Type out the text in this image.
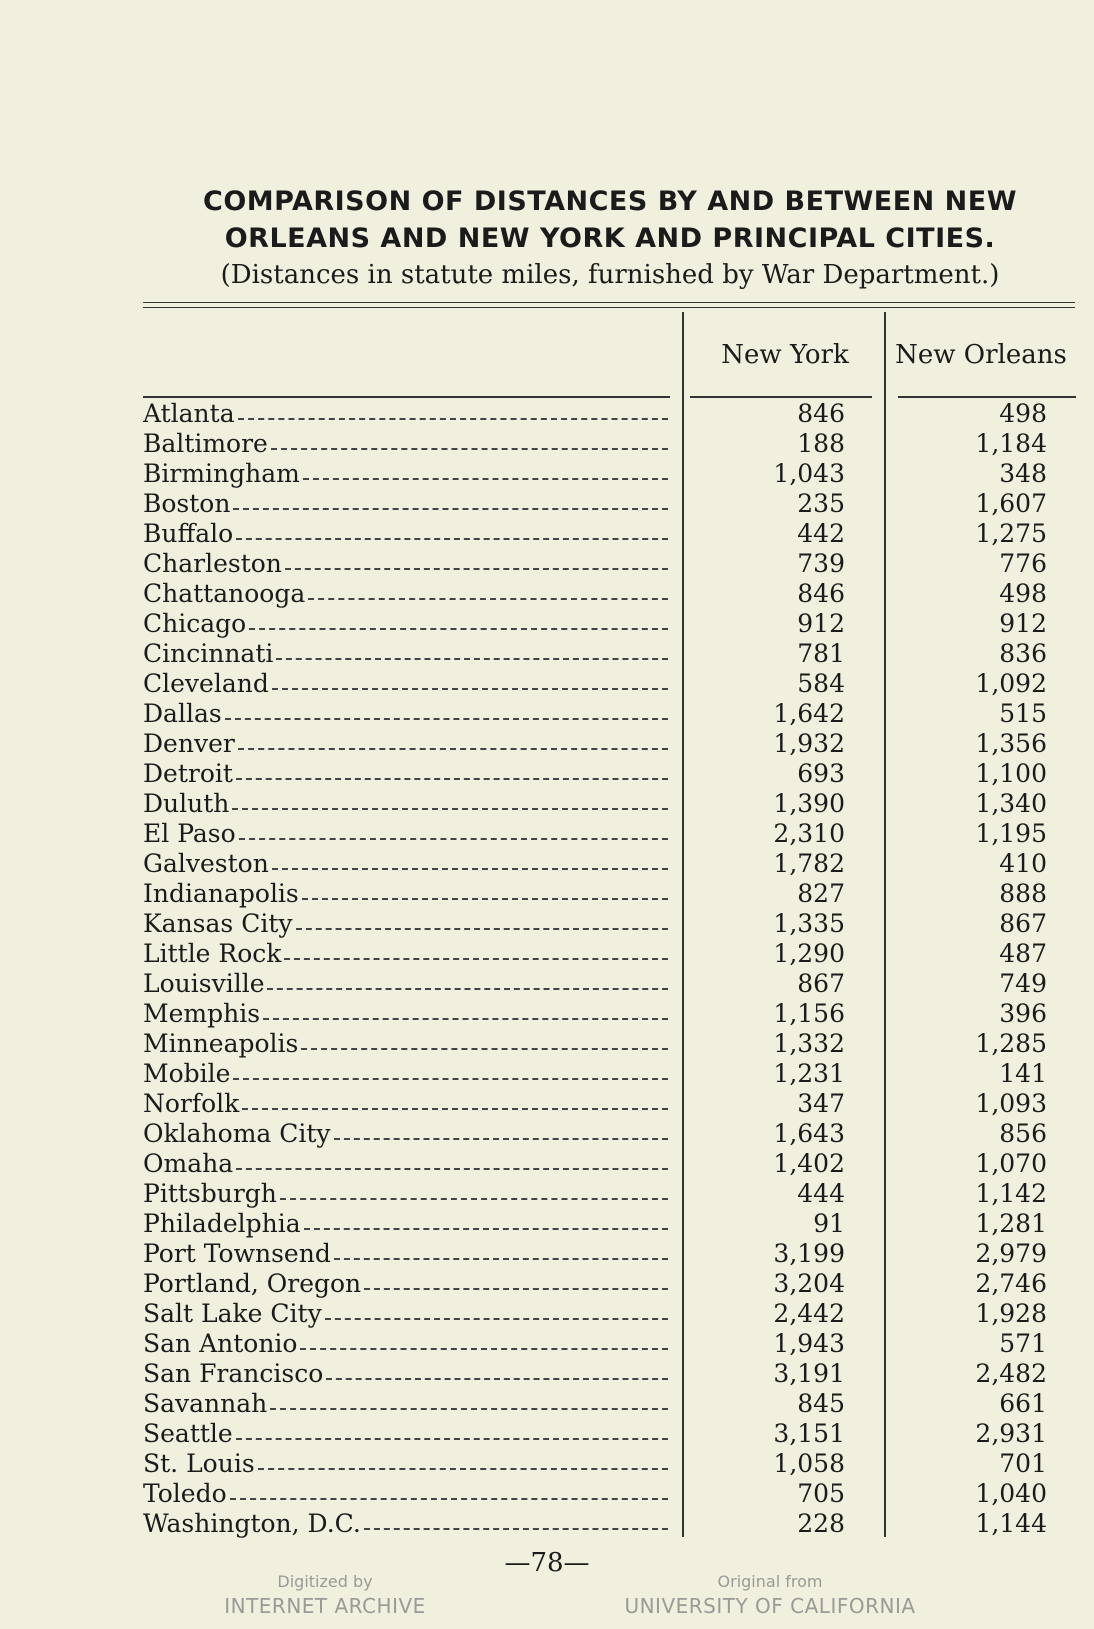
COMPARISON OF DISTANCES BY AND BETWEEN NEW
ORLEANS AND NEW YORK AND PRINCIPAL CITIES.
(Distances in statute miles, furnished by War Department.)
New York	New Orleans
Atlanta	846	498
Baltimore	188	1,184
Birmingham	1,043	348
Boston	235	1,607
Buffalo	442	1,275
Charleston	739	776
Chattanooga	846	498
Chicago	912	912
Cincinnati	781	836
Cleveland	584	1,092
Dallas	1,642	515
Denver	1,932	1,356
Detroit	693	1,100
Duluth	1,390	1,340
El Paso	2,310	1,195
Galveston	1,782	410
Indianapolis	827	888
Kansas City	1,335	867
Little Rock	1,290	487
Louisville	867	749
Memphis	1,156	396
Minneapolis	1,332	1,285
Mobile	1,231	141
Norfolk	347	1,093
Oklahoma City	1,643	856
Omaha	1,402	1,070
Pittsburgh	444	1,142
Philadelphia	91	1,281
Port Townsend	3,199	2,979
Portland, Oregon	3,204	2,746
Salt Lake City	2,442	1,928
San Antonio	1,943	571
San Francisco	3,191	2,482
Savannah	845	661
Seattle	3,151	2,931
St. Louis	1,058	701
Toledo	705	1,040
Washington, D.C.	228	1,144
—78—
Digitized by
INTERNET ARCHIVE
Original from
UNIVERSITY OF CALIFORNIA
